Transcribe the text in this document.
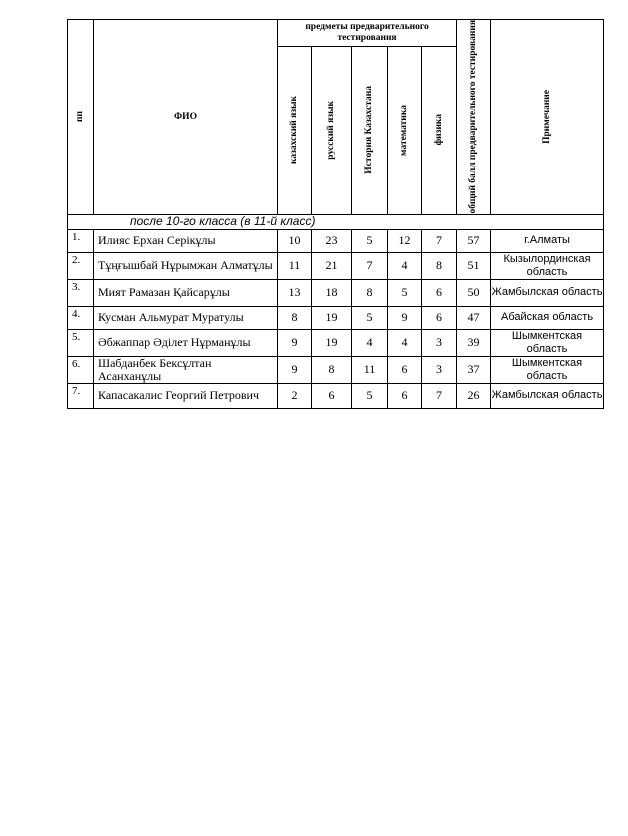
пп	ФИО	предметы предварительного тестирования					общий балл предварительного тестирования	Примечание

		казахский язык	русский язык	История Казахстана	математика	физика		

после 10-го класса (в 11-й класс)								
1.	Илияс Ерхан Серікұлы	10	23	5	12	7	57	г.Алматы
2.	Тұңғышбай Нұрымжан Алматұлы	11	21	7	4	8	51	Кызылординская область
3.	Мият Рамазан Қайсарұлы	13	18	8	5	6	50	Жамбылская область
4.	Кусман Альмурат Муратулы	8	19	5	9	6	47	Абайская область
5.	Әбжаппар Әділет Нұрманұлы	9	19	4	4	3	39	Шымкентская область
6.	Шабданбек Бексұлтан Асанханұлы	9	8	11	6	3	37	Шымкентская область
7.	Капасакалис Георгий Петрович	2	6	5	6	7	26	Жамбылская область
